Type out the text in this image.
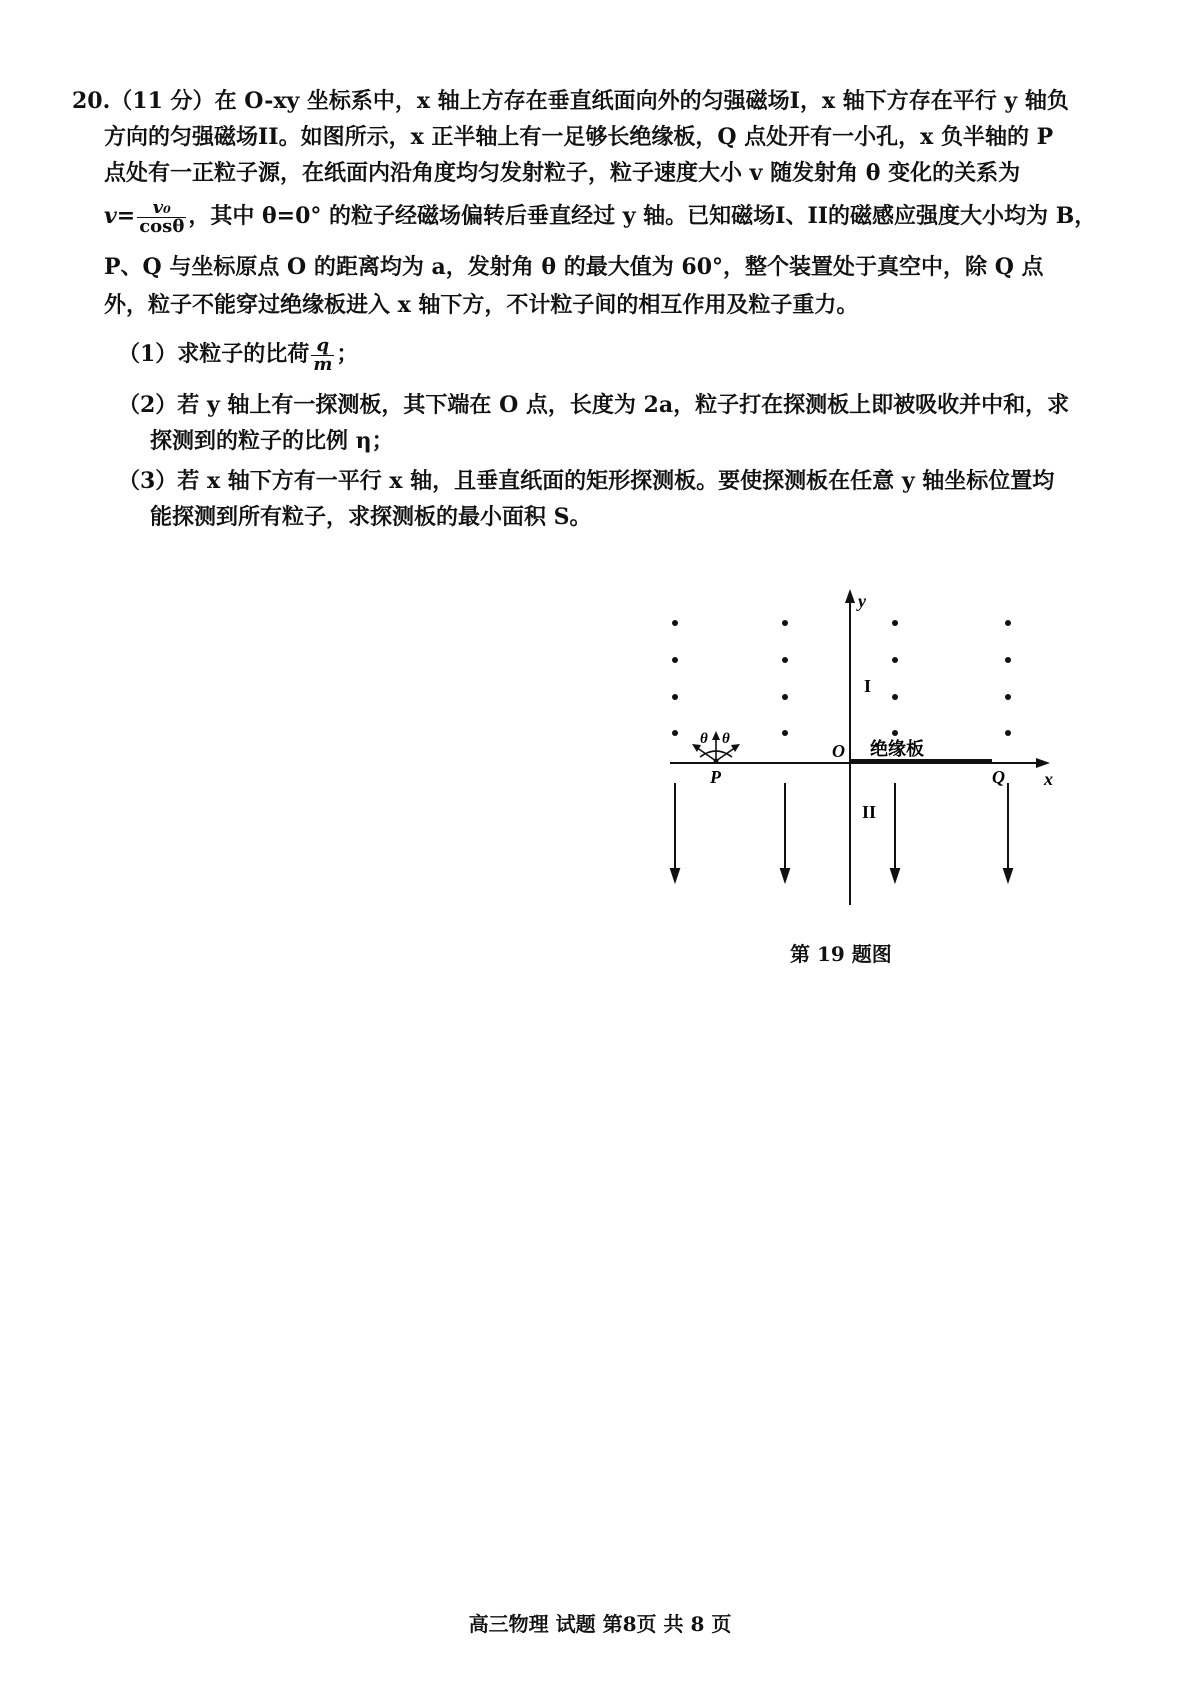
20.（11 分）在 O-xy 坐标系中，x 轴上方存在垂直纸面向外的匀强磁场I，x 轴下方存在平行 y 轴负
方向的匀强磁场II。如图所示，x 正半轴上有一足够长绝缘板，Q 点处开有一小孔，x 负半轴的 P
点处有一正粒子源，在纸面内沿角度均匀发射粒子，粒子速度大小 v 随发射角 θ 变化的关系为
$v= \frac{\text{v₀}}{\cos\theta}$ ，其中 θ=0° 的粒子经磁场偏转后垂直经过 y 轴。已知磁场I、II的磁感应强度大小均为 B，
P、Q 与坐标原点 O 的距离均为 a，发射角 θ 的最大值为 60°，整个装置处于真空中，除 Q 点
外，粒子不能穿过绝缘板进入 x 轴下方，不计粒子间的相互作用及粒子重力。
（1）求粒子的比荷 $\frac{q}{m}$ ；
（2）若 y 轴上有一探测板，其下端在 O 点，长度为 2a，粒子打在探测板上即被吸收并中和，求
探测到的粒子的比例 η；
（3）若 x 轴下方有一平行 x 轴，且垂直纸面的矩形探测板。要使探测板在任意 y 轴坐标位置均
能探测到所有粒子，求探测板的最小面积 S。
y
x
O
P	Q
I
II
绝缘板
θ θ
第 19 题图
高三物理 试题 第8页 共 8 页
